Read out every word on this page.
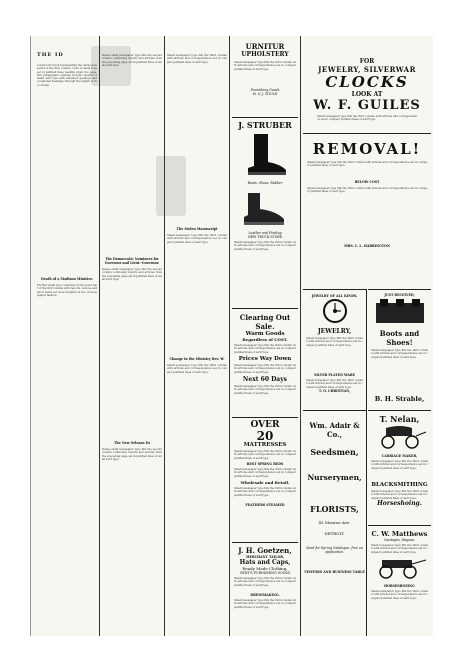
THE ID
Lorem text block representing the dense newsprint of the first column, rows of small type set in justified lines reading down the page. Rev. paragraphs continue in tight columns of small serif type with indented openings and occasional headings through the length of the column.
Death of a Madison Minister.
Further small type continues in the lower half of the first column with reports, notices and short items set close together in the old newspaper fashion.
Dense small newspaper type fills the second column continuing reports and articles from the preceding page set in justified lines of small serif type.
The Democratic Nominees for Governor and Lieut.-Governor.
Dense small newspaper type fills the second column continuing reports and articles from the preceding page set in justified lines of small serif type.
The New Orleans Ex
Dense small newspaper type fills the second column continuing reports and articles from the preceding page set in justified lines of small serif type.
Small newspaper type fills the third column with articles and correspondence set in compact justified lines of serif type.
The Stolen Manuscript
Small newspaper type fills the third column with articles and correspondence set in compact justified lines of serif type.
Change in the Ministry Rev. W.
Small newspaper type fills the third column with articles and correspondence set in compact justified lines of serif type.
URNITUR
UPHOLSTERY
Small newspaper type fills the third column with articles and correspondence set in compact justified lines of serif type.
Furnishing Goods
M. & J. GOULD
J. STRUBER
Boots, Shoes, Rubber
Leather and Finding
NEW TRUCK STORE
Small newspaper type fills the third column with articles and correspondence set in compact justified lines of serif type.
Clearing Out Sale.
Warm Goods
Regardless of COST.
Small newspaper type fills the third column with articles and correspondence set in compact justified lines of serif type.
Prices Way Down
Small newspaper type fills the third column with articles and correspondence set in compact justified lines of serif type.
Next 60 Days
Small newspaper type fills the third column with articles and correspondence set in compact justified lines of serif type.
OVER
20
MATTRESSES
Small newspaper type fills the third column with articles and correspondence set in compact justified lines of serif type.
BEST SPRING BEDS
Small newspaper type fills the third column with articles and correspondence set in compact justified lines of serif type.
Wholesale and Retail.
Small newspaper type fills the third column with articles and correspondence set in compact justified lines of serif type.
FEATHERS STEAMED
J. H. Goetzen,
MERCHANT TAILOR,
Hats and Caps,
Ready Made Clothing,
GENT'S FURNISHING GOODS
Small newspaper type fills the third column with articles and correspondence set in compact justified lines of serif type.
DRESSMAKING.
Small newspaper type fills the third column with articles and correspondence set in compact justified lines of serif type.
FOR
JEWELRY, SILVERWAR
CLOCKS
LOOK AT
W. F. GUILES
Small newspaper type fills the third column with articles and correspondence set in compact justified lines of serif type.
REMOVAL!
Small newspaper type fills the third column with articles and correspondence set in compact justified lines of serif type.
BELOW COST
Small newspaper type fills the third column with articles and correspondence set in compact justified lines of serif type.
MRS. C. L. HARRINGTON
JEWELRY OF ALL KINDS.
JEWELRY,
Small newspaper type fills the third column with articles and correspondence set in compact justified lines of serif type.
SILVER PLATED WARE
Small newspaper type fills the third column with articles and correspondence set in compact justified lines of serif type.
T. O. CHRISTIAN,
JUST RECEIVED,
Boots and Shoes!
Small newspaper type fills the third column with articles and correspondence set in compact justified lines of serif type.
B. H. Strable,
Wm. Adair & Co.,
Seedsmen,
Nurserymen,
FLORISTS,
43 Monroe Ave.
DETROIT.
Send for Spring Catalogue, free on application.
VISITORS AND BUSINESS TABLE
T. Nelan,
CARRIAGE MAKER,
Small newspaper type fills the third column with articles and correspondence set in compact justified lines of serif type.
BLACKSMITHING
Small newspaper type fills the third column with articles and correspondence set in compact justified lines of serif type.
Horseshoing.
C. W. Matthews
Carriages, Wagons,
Small newspaper type fills the third column with articles and correspondence set in compact justified lines of serif type.
HORSESHOEING
Small newspaper type fills the third column with articles and correspondence set in compact justified lines of serif type.
